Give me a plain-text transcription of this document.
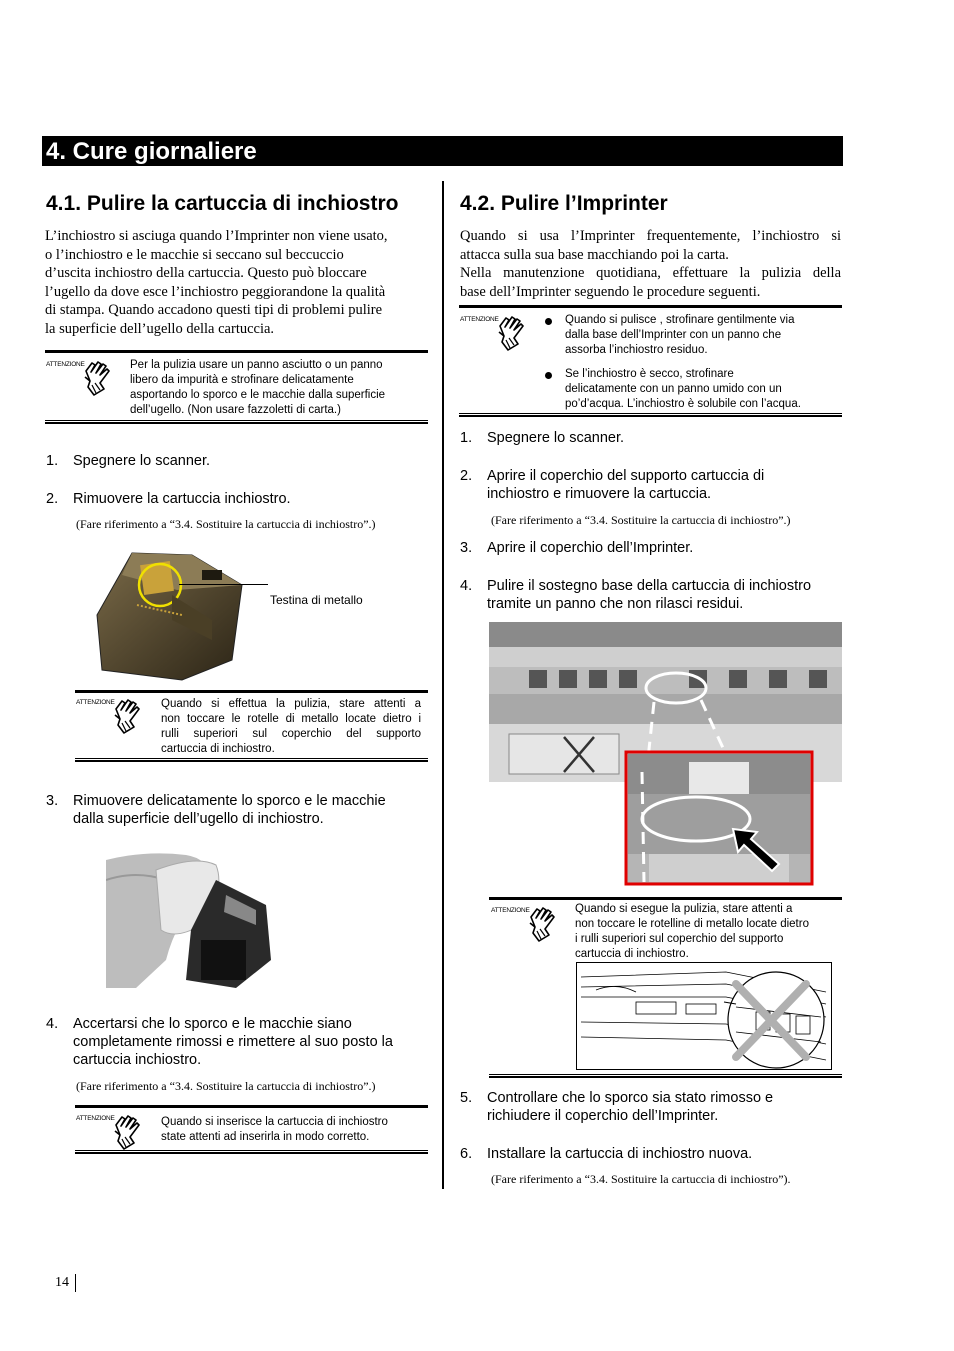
4. Cure giornaliere
4.1. Pulire la cartuccia di inchiostro
L’inchiostro si asciuga quando l’Imprinter non viene usato,
o l’inchiostro e le macchie si seccano sul beccuccio
d’uscita inchiostro della cartuccia. Questo può bloccare
l’ugello da dove esce l’inchiostro peggiorandone la qualità
di stampa. Quando accadono questi tipi di problemi pulire
la superficie dell’ugello della cartuccia.
ATTENZIONE	Per la pulizia usare un panno asciutto o un panno
libero da impurità e strofinare delicatamente
asportando lo sporco e le macchie dalla superficie
dell’ugello. (Non usare fazzoletti di carta.)
1. Spegnere lo scanner.
2. Rimuovere la cartuccia inchiostro.
(Fare riferimento a “3.4. Sostituire la cartuccia di inchiostro”.)
Testina di metallo
ATTENZIONE	Quando si effettua la pulizia, stare attenti a
non toccare le rotelle di metallo locate dietro i
rulli superiori sul coperchio del supporto
cartuccia di inchiostro.
3. Rimuovere delicatamente lo sporco e le macchie
dalla superficie dell’ugello di inchiostro.
4. Accertarsi che lo sporco e le macchie siano
completamente rimossi e rimettere al suo posto la
cartuccia inchiostro.
(Fare riferimento a “3.4. Sostituire la cartuccia di inchiostro”.)
ATTENZIONE	Quando si inserisce la cartuccia di inchiostro
state attenti ad inserirla in modo corretto.
4.2. Pulire l’Imprinter
Quando si usa l’Imprinter frequentemente, l’inchiostro si
attacca sulla sua base macchiando poi la carta.
Nella manutenzione quotidiana, effettuare la pulizia della
base dell’Imprinter seguendo le procedure seguenti.
ATTENZIONE	Quando si pulisce , strofinare gentilmente via
dalla base dell’Imprinter con un panno che
assorba l’inchiostro residuo.
Se l’inchiostro è secco, strofinare
delicatamente con un panno umido con un
po’d’acqua. L’inchiostro è solubile con l’acqua.
1. Spegnere lo scanner.
2. Aprire il coperchio del supporto cartuccia di
inchiostro e rimuovere la cartuccia.
(Fare riferimento a “3.4. Sostituire la cartuccia di inchiostro”.)
3. Aprire il coperchio dell’Imprinter.
4. Pulire il sostegno base della cartuccia di inchiostro
tramite un panno che non rilasci residui.
ATTENZIONE	Quando si esegue la pulizia, stare attenti a
non toccare le rotelline di metallo locate dietro
i rulli superiori sul coperchio del supporto
cartuccia di inchiostro.
5. Controllare che lo sporco sia stato rimosso e
richiudere il coperchio dell’Imprinter.
6. Installare la cartuccia di inchiostro nuova.
(Fare riferimento a “3.4. Sostituire la cartuccia di inchiostro”).
14
